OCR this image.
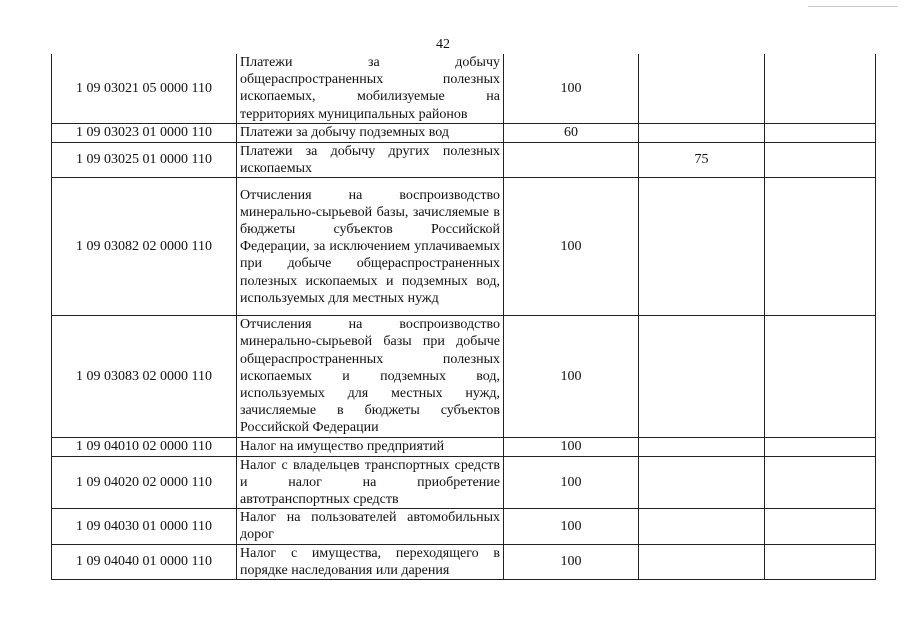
42
1 09 03021 05 0000 110	Платежи за добычу общераспространенных полезных ископаемых, мобилизуемые на территориях муниципальных районов	100		
1 09 03023 01 0000 110	Платежи за добычу подземных вод	60		
1 09 03025 01 0000 110	Платежи за добычу других полезных ископаемых		75	
1 09 03082 02 0000 110	Отчисления на воспроизводство минерально-сырьевой базы, зачисляемые в бюджеты субъектов Российской Федерации, за исключением уплачиваемых при добыче общераспространенных полезных ископаемых и подземных вод, используемых для местных нужд	100		
1 09 03083 02 0000 110	Отчисления на воспроизводство минерально-сырьевой базы при добыче общераспространенных полезных ископаемых и подземных вод, используемых для местных нужд, зачисляемые в бюджеты субъектов Российской Федерации	100		
1 09 04010 02 0000 110	Налог на имущество предприятий	100		
1 09 04020 02 0000 110	Налог с владельцев транспортных средств и налог на приобретение автотранспортных средств	100		
1 09 04030 01 0000 110	Налог на пользователей автомобильных дорог	100		
1 09 04040 01 0000 110	Налог с имущества, переходящего в порядке наследования или дарения	100		
